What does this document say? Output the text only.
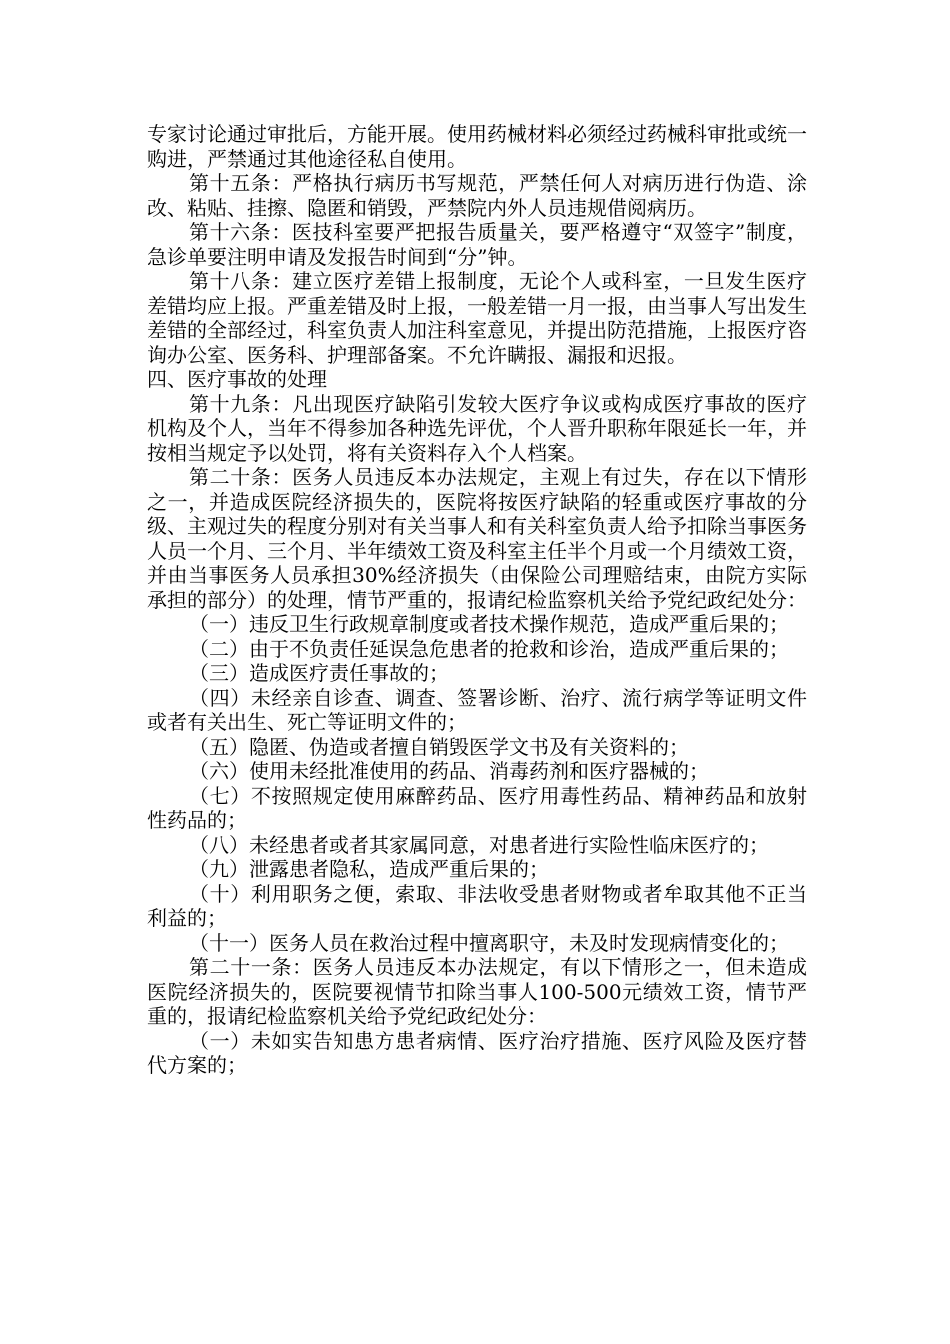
专家讨论通过审批后，方能开展。使用药械材料必须经过药械科审批或统一购进，严禁通过其他途径私自使用。

第十五条：严格执行病历书写规范，严禁任何人对病历进行伪造、涂改、粘贴、挂擦、隐匿和销毁，严禁院内外人员违规借阅病历。

第十六条：医技科室要严把报告质量关，要严格遵守“双签字”制度，急诊单要注明申请及发报告时间到“分”钟。

第十八条：建立医疗差错上报制度，无论个人或科室，一旦发生医疗差错均应上报。严重差错及时上报，一般差错一月一报，由当事人写出发生差错的全部经过，科室负责人加注科室意见，并提出防范措施，上报医疗咨询办公室、医务科、护理部备案。不允许瞒报、漏报和迟报。

四、医疗事故的处理

第十九条：凡出现医疗缺陷引发较大医疗争议或构成医疗事故的医疗机构及个人，当年不得参加各种选先评优，个人晋升职称年限延长一年，并按相当规定予以处罚，将有关资料存入个人档案。

第二十条：医务人员违反本办法规定，主观上有过失，存在以下情形之一，并造成医院经济损失的，医院将按医疗缺陷的轻重或医疗事故的分级、主观过失的程度分别对有关当事人和有关科室负责人给予扣除当事医务人员一个月、三个月、半年绩效工资及科室主任半个月或一个月绩效工资，并由当事医务人员承担30%经济损失（由保险公司理赔结束，由院方实际承担的部分）的处理，情节严重的，报请纪检监察机关给予党纪政纪处分：

（一）违反卫生行政规章制度或者技术操作规范，造成严重后果的；

（二）由于不负责任延误急危患者的抢救和诊治，造成严重后果的；

（三）造成医疗责任事故的；

（四）未经亲自诊查、调查、签署诊断、治疗、流行病学等证明文件或者有关出生、死亡等证明文件的；

（五）隐匿、伪造或者擅自销毁医学文书及有关资料的；

（六）使用未经批准使用的药品、消毒药剂和医疗器械的；

（七）不按照规定使用麻醉药品、医疗用毒性药品、精神药品和放射性药品的；

（八）未经患者或者其家属同意，对患者进行实险性临床医疗的；

（九）泄露患者隐私，造成严重后果的；

（十）利用职务之便，索取、非法收受患者财物或者牟取其他不正当利益的；

（十一）医务人员在救治过程中擅离职守，未及时发现病情变化的；

第二十一条：医务人员违反本办法规定，有以下情形之一，但未造成医院经济损失的，医院要视情节扣除当事人100-500元绩效工资，情节严重的，报请纪检监察机关给予党纪政纪处分：

（一）未如实告知患方患者病情、医疗治疗措施、医疗风险及医疗替代方案的；
